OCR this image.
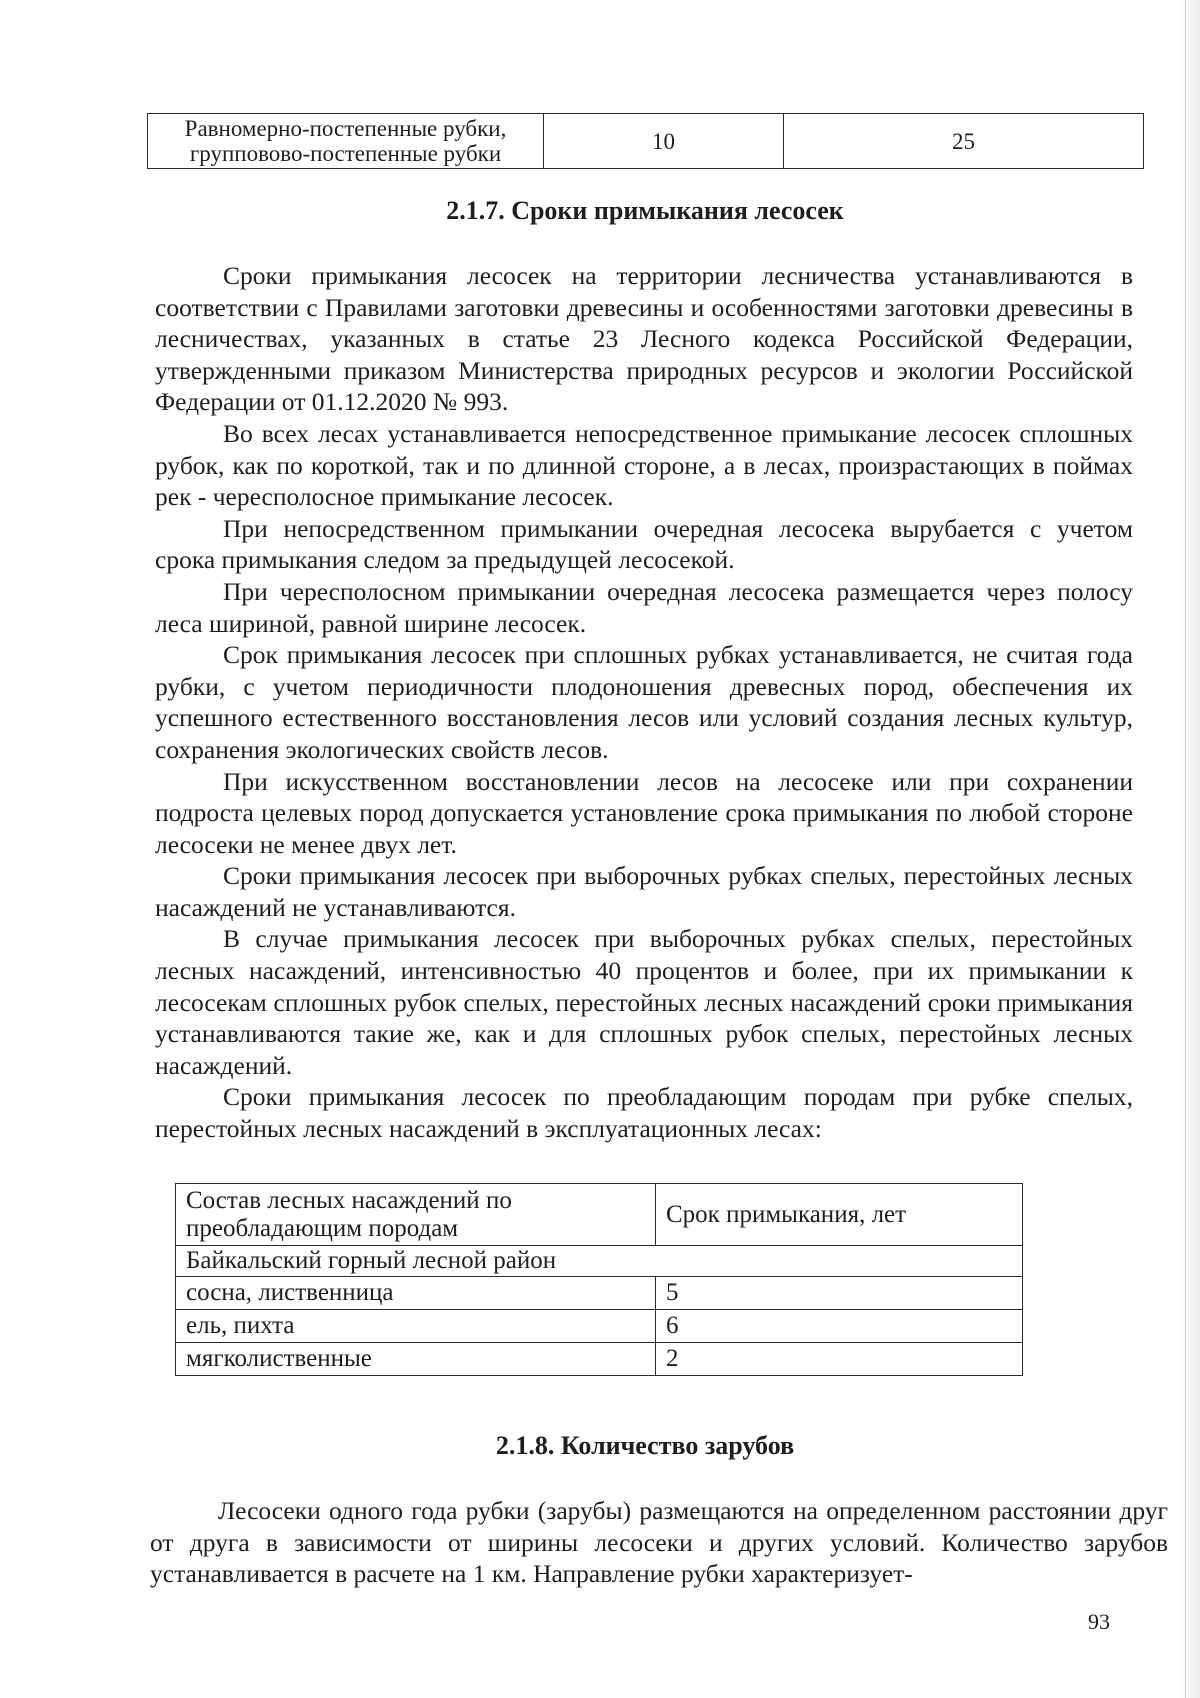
Равномерно-постепенные рубки, групповово-постепенные рубки	10	25
2.1.7. Сроки примыкания лесосек

Сроки примыкания лесосек на территории лесничества устанавливаются в соответствии с Правилами заготовки древесины и особенностями заготовки древесины в лесничествах, указанных в статье 23 Лесного кодекса Российской Федерации, утвержденными приказом Министерства природных ресурсов и экологии Российской Федерации от 01.12.2020 № 993.

Во всех лесах устанавливается непосредственное примыкание лесосек сплошных рубок, как по короткой, так и по длинной стороне, а в лесах, произрастающих в поймах рек - чересполосное примыкание лесосек.

При непосредственном примыкании очередная лесосека вырубается с учетом срока примыкания следом за предыдущей лесосекой.

При чересполосном примыкании очередная лесосека размещается через полосу леса шириной, равной ширине лесосек.

Срок примыкания лесосек при сплошных рубках устанавливается, не считая года рубки, с учетом периодичности плодоношения древесных пород, обеспечения их успешного естественного восстановления лесов или условий создания лесных культур, сохранения экологических свойств лесов.

При искусственном восстановлении лесов на лесосеке или при сохранении подроста целевых пород допускается установление срока примыкания по любой стороне лесосеки не менее двух лет.

Сроки примыкания лесосек при выборочных рубках спелых, перестойных лесных насаждений не устанавливаются.

В случае примыкания лесосек при выборочных рубках спелых, перестойных лесных насаждений, интенсивностью 40 процентов и более, при их примыкании к лесосекам сплошных рубок спелых, перестойных лесных насаждений сроки примыкания устанавливаются такие же, как и для сплошных рубок спелых, перестойных лесных насаждений.

Сроки примыкания лесосек по преобладающим породам при рубке спелых, перестойных лесных насаждений в эксплуатационных лесах:

Состав лесных насаждений по преобладающим породам	Срок примыкания, лет
Байкальский горный лесной район	
сосна, лиственница	5
ель, пихта	6
мягколиственные	2
2.1.8. Количество зарубов

Лесосеки одного года рубки (зарубы) размещаются на определенном расстоянии друг от друга в зависимости от ширины лесосеки и других условий. Количество зарубов устанавливается в расчете на 1 км. Направление рубки характеризует-

93
